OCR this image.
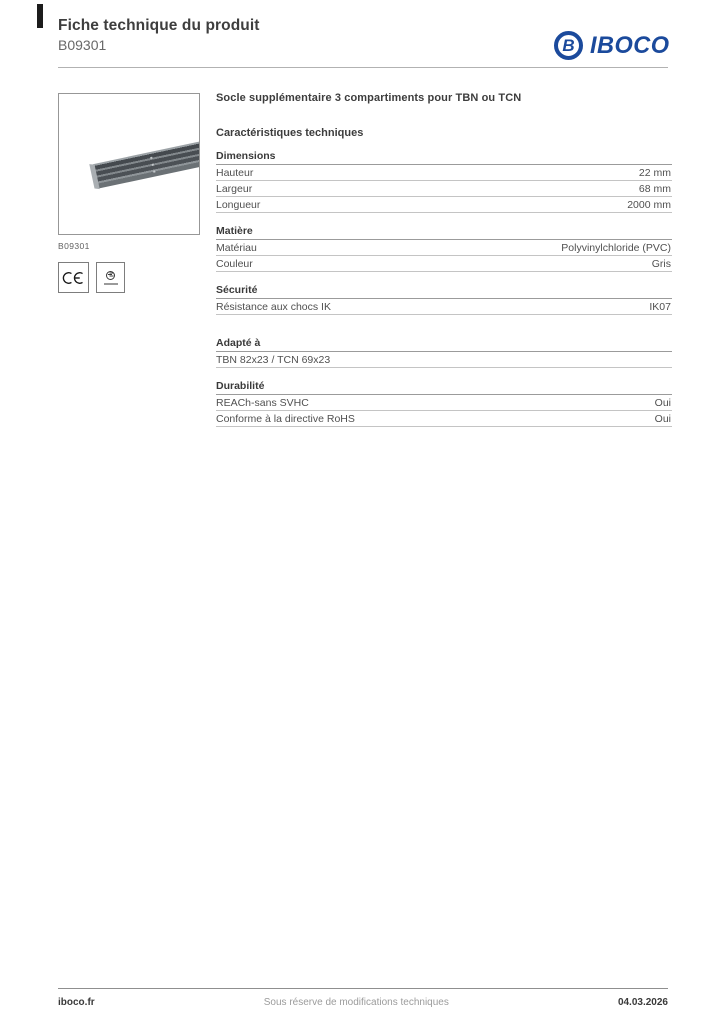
Fiche technique du produit
B09301	B IBOCO
B09301
Socle supplémentaire 3 compartiments pour TBN ou TCN
Caractéristiques techniques
Dimensions
Hauteur	22 mm
Largeur	68 mm
Longueur	2000 mm
Matière
Matériau	Polyvinylchloride (PVC)
Couleur	Gris
Sécurité
Résistance aux chocs IK	IK07
Adapté à
TBN 82x23 / TCN 69x23
Durabilité
REACh-sans SVHC	Oui
Conforme à la directive RoHS	Oui
iboco.fr	Sous réserve de modifications techniques	04.03.2026
